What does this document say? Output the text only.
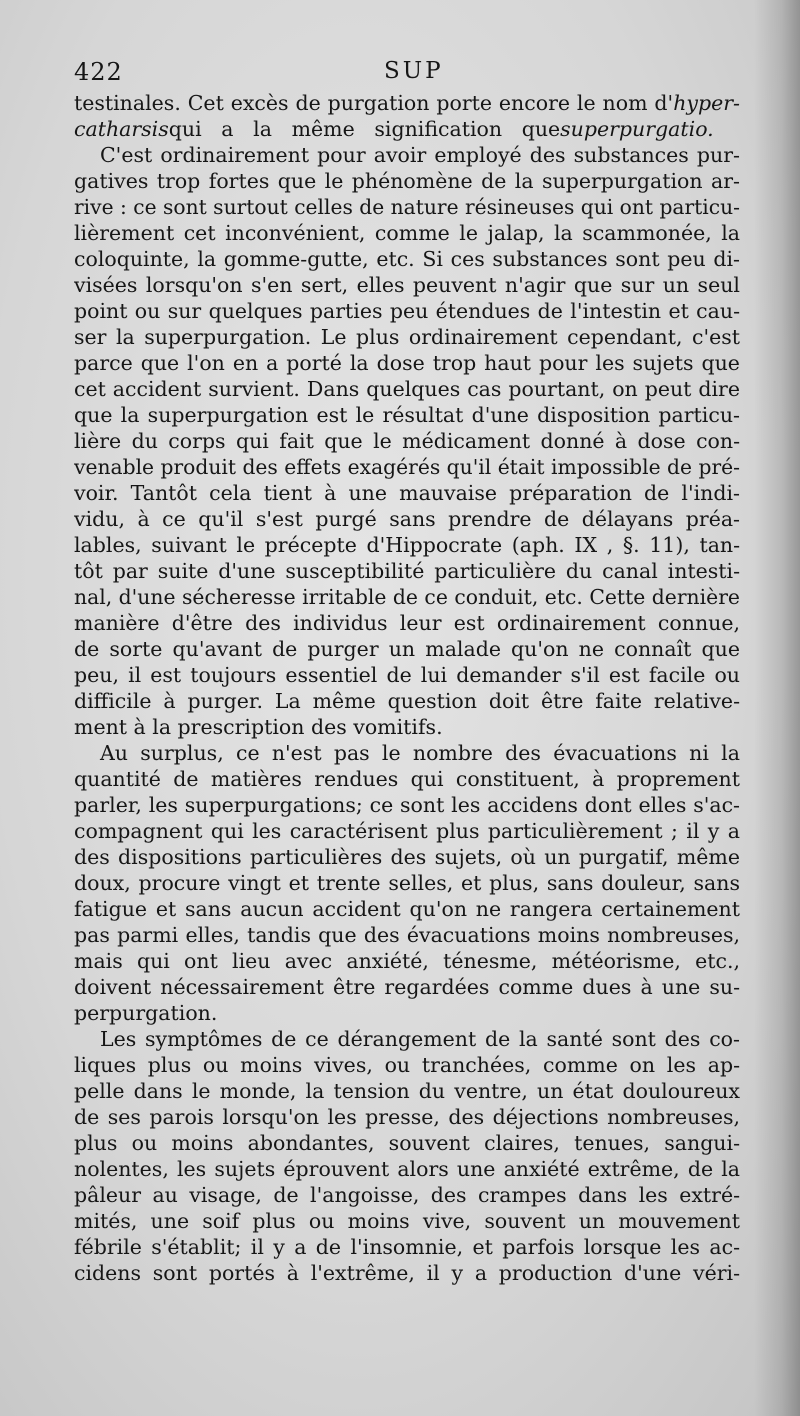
422	SUP
testinales. Cet excès de purgation porte encore le nom d'hyper-
catharsisqui a la même signification quesuperpurgatio.
C'est ordinairement pour avoir employé des substances pur-
gatives trop fortes que le phénomène de la superpurgation ar-
rive : ce sont surtout celles de nature résineuses qui ont particu-
lièrement cet inconvénient, comme le jalap, la scammonée, la
coloquinte, la gomme-gutte, etc. Si ces substances sont peu di-
visées lorsqu'on s'en sert, elles peuvent n'agir que sur un seul
point ou sur quelques parties peu étendues de l'intestin et cau-
ser la superpurgation. Le plus ordinairement cependant, c'est
parce que l'on en a porté la dose trop haut pour les sujets que
cet accident survient. Dans quelques cas pourtant, on peut dire
que la superpurgation est le résultat d'une disposition particu-
lière du corps qui fait que le médicament donné à dose con-
venable produit des effets exagérés qu'il était impossible de pré-
voir. Tantôt cela tient à une mauvaise préparation de l'indi-
vidu, à ce qu'il s'est purgé sans prendre de délayans préa-
lables, suivant le précepte d'Hippocrate (aph. IX , §. 11), tan-
tôt par suite d'une susceptibilité particulière du canal intesti-
nal, d'une sécheresse irritable de ce conduit, etc. Cette dernière
manière d'être des individus leur est ordinairement connue,
de sorte qu'avant de purger un malade qu'on ne connaît que
peu, il est toujours essentiel de lui demander s'il est facile ou
difficile à purger. La même question doit être faite relative-
ment à la prescription des vomitifs.
Au surplus, ce n'est pas le nombre des évacuations ni la
quantité de matières rendues qui constituent, à proprement
parler, les superpurgations; ce sont les accidens dont elles s'ac-
compagnent qui les caractérisent plus particulièrement ; il y a
des dispositions particulières des sujets, où un purgatif, même
doux, procure vingt et trente selles, et plus, sans douleur, sans
fatigue et sans aucun accident qu'on ne rangera certainement
pas parmi elles, tandis que des évacuations moins nombreuses,
mais qui ont lieu avec anxiété, ténesme, météorisme, etc.,
doivent nécessairement être regardées comme dues à une su-
perpurgation.
Les symptômes de ce dérangement de la santé sont des co-
liques plus ou moins vives, ou tranchées, comme on les ap-
pelle dans le monde, la tension du ventre, un état douloureux
de ses parois lorsqu'on les presse, des déjections nombreuses,
plus ou moins abondantes, souvent claires, tenues, sangui-
nolentes, les sujets éprouvent alors une anxiété extrême, de la
pâleur au visage, de l'angoisse, des crampes dans les extré-
mités, une soif plus ou moins vive, souvent un mouvement
fébrile s'établit; il y a de l'insomnie, et parfois lorsque les ac-
cidens sont portés à l'extrême, il y a production d'une véri-
